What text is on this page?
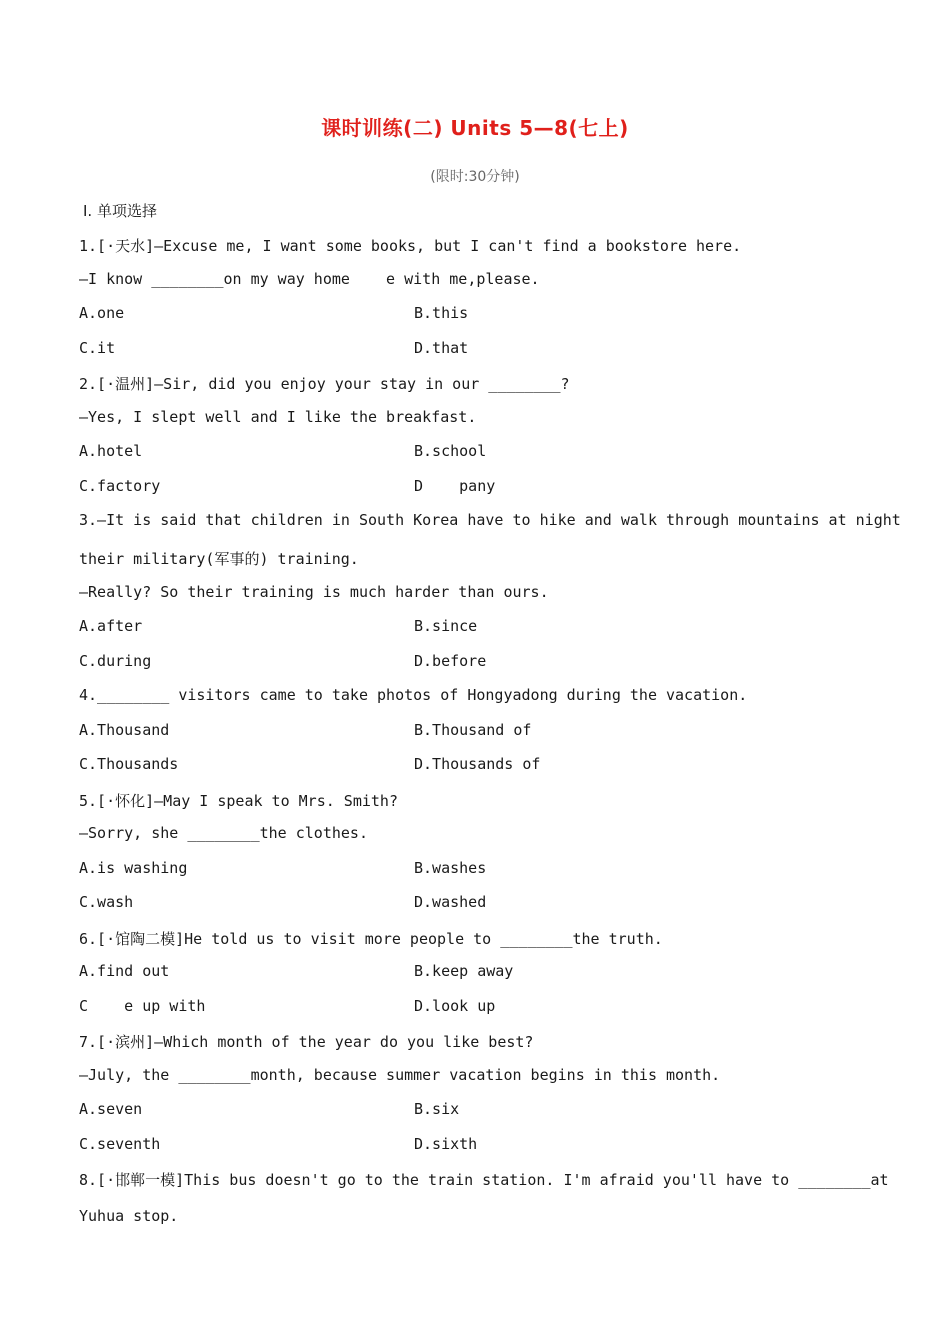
课时训练(二) Units 5—8(七上)
(限时:30分钟)
Ⅰ. 单项选择
1.[·天水]—Excuse me, I want some books, but I can't find a bookstore here.
—I know ________on my way home    e with me,please.
A.one	B.this
C.it	D.that
2.[·温州]—Sir, did you enjoy your stay in our ________?
—Yes, I slept well and I like the breakfast.
A.hotel	B.school
C.factory	D    pany
3.—It is said that children in South Korea have to hike and walk through mountains at night
their military(军事的) training.
—Really? So their training is much harder than ours.
A.after	B.since
C.during	D.before
4.________ visitors came to take photos of Hongyadong during the vacation.
A.Thousand	B.Thousand of
C.Thousands	D.Thousands of
5.[·怀化]—May I speak to Mrs. Smith?
—Sorry, she ________the clothes.
A.is washing	B.washes
C.wash	D.washed
6.[·馆陶二模]He told us to visit more people to ________the truth.
A.find out	B.keep away
C    e up with	D.look up
7.[·滨州]—Which month of the year do you like best?
—July, the ________month, because summer vacation begins in this month.
A.seven	B.six
C.seventh	D.sixth
8.[·邯郸一模]This bus doesn't go to the train station. I'm afraid you'll have to ________at
Yuhua stop.
